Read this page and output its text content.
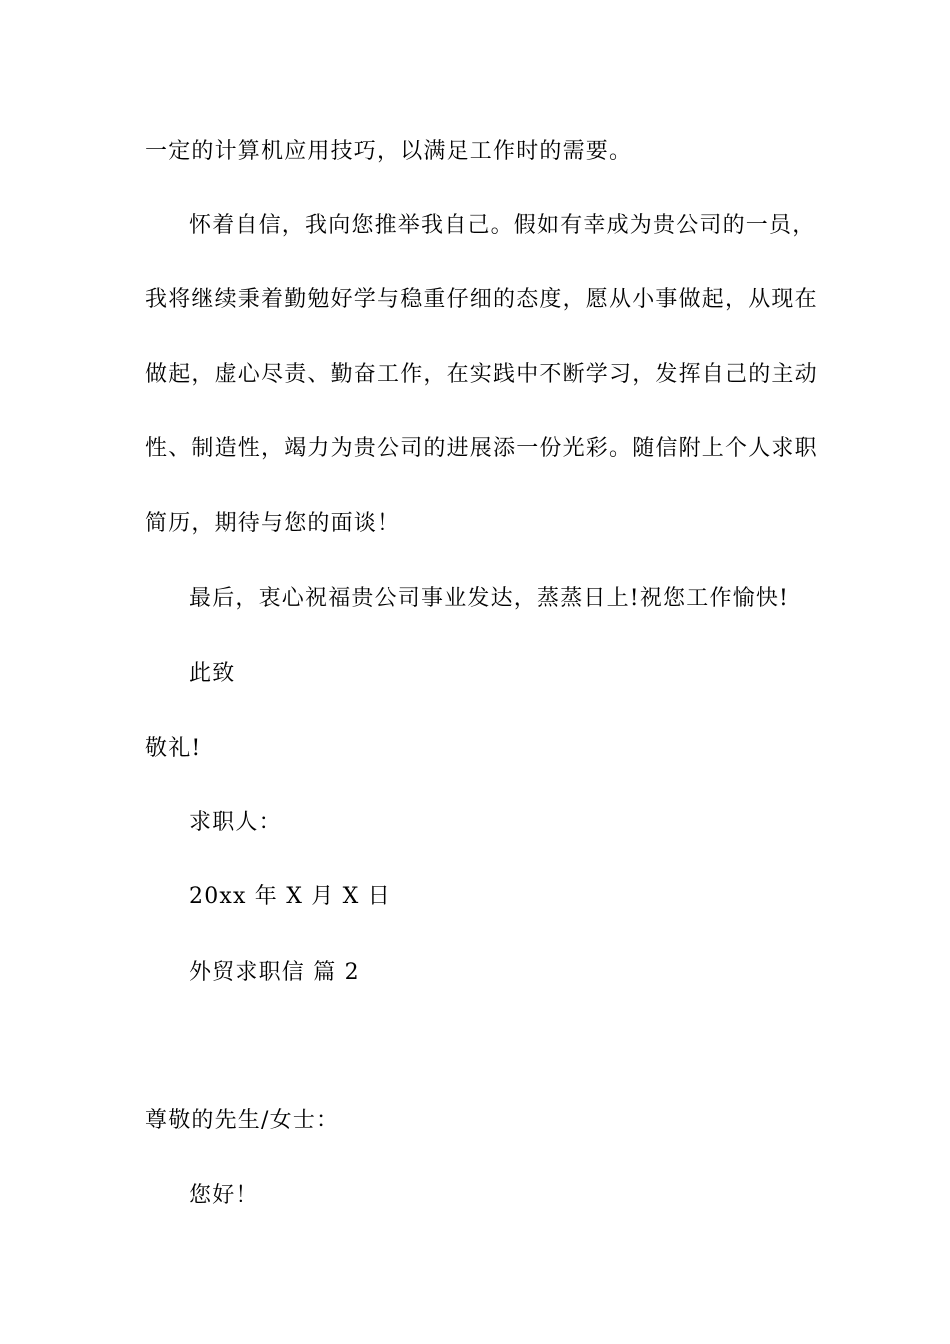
一定的计算机应用技巧，以满足工作时的需要。
怀着自信，我向您推举我自己。假如有幸成为贵公司的一员，
我将继续秉着勤勉好学与稳重仔细的态度，愿从小事做起，从现在
做起，虚心尽责、勤奋工作，在实践中不断学习，发挥自己的主动
性、制造性，竭力为贵公司的进展添一份光彩。随信附上个人求职
简历，期待与您的面谈！
最后，衷心祝福贵公司事业发达，蒸蒸日上!祝您工作愉快!
此致
敬礼!
求职人：
20xx 年 X 月 X 日
外贸求职信 篇 2
尊敬的先生/女士：
您好！
